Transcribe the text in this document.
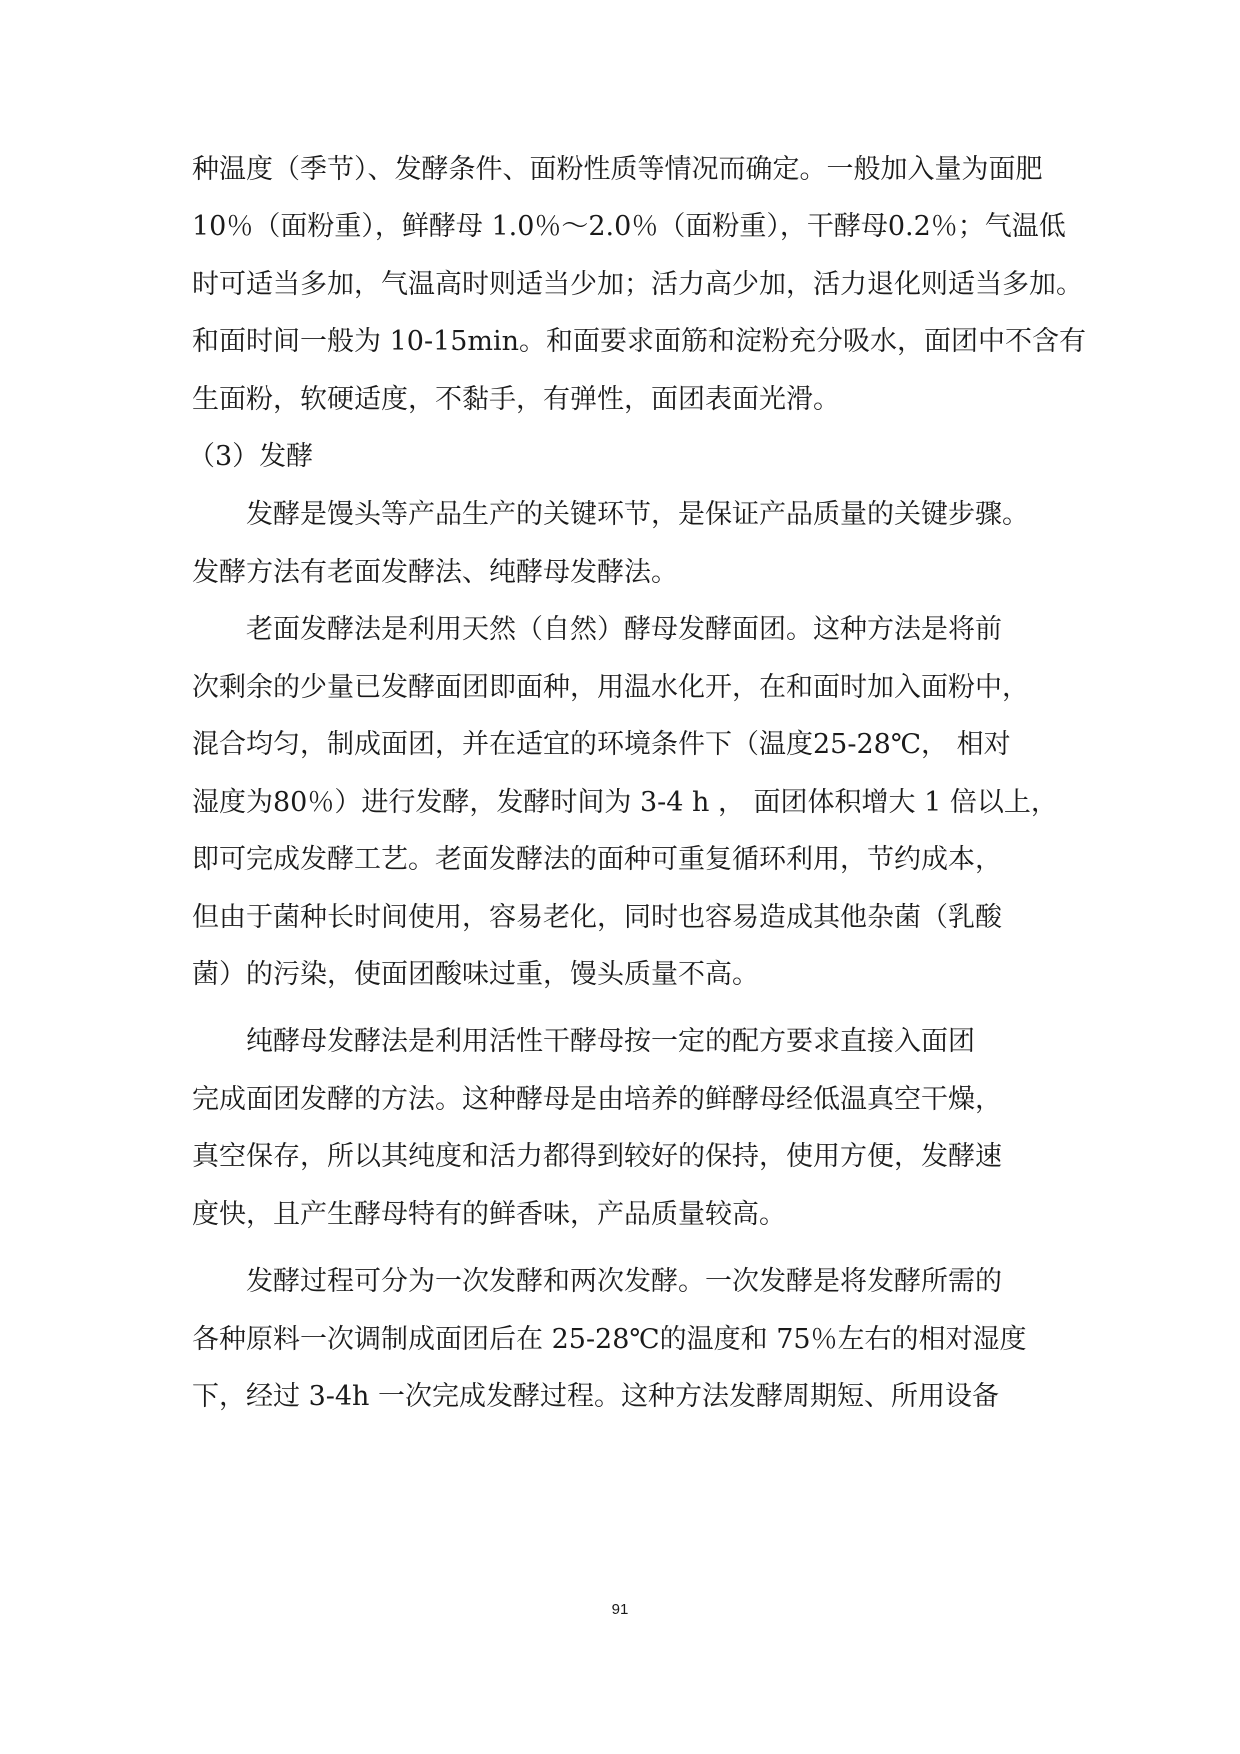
种温度（季节）、发酵条件、面粉性质等情况而确定。一般加入量为面肥
10％（面粉重），鲜酵母 1.0％～2.0％（面粉重），干酵母0.2％；气温低
时可适当多加，气温高时则适当少加；活力高少加，活力退化则适当多加。
和面时间一般为 10-15min。和面要求面筋和淀粉充分吸水，面团中不含有
生面粉，软硬适度，不黏手，有弹性，面团表面光滑。
（3）发酵
发酵是馒头等产品生产的关键环节，是保证产品质量的关键步骤。
发酵方法有老面发酵法、纯酵母发酵法。
老面发酵法是利用天然（自然）酵母发酵面团。这种方法是将前
次剩余的少量已发酵面团即面种，用温水化开，在和面时加入面粉中，
混合均匀，制成面团，并在适宜的环境条件下（温度25-28℃， 相对
湿度为80％）进行发酵，发酵时间为 3-4 h ， 面团体积增大 1 倍以上，
即可完成发酵工艺。老面发酵法的面种可重复循环利用，节约成本，
但由于菌种长时间使用，容易老化，同时也容易造成其他杂菌（乳酸
菌）的污染，使面团酸味过重，馒头质量不高。
纯酵母发酵法是利用活性干酵母按一定的配方要求直接入面团
完成面团发酵的方法。这种酵母是由培养的鲜酵母经低温真空干燥，
真空保存，所以其纯度和活力都得到较好的保持，使用方便，发酵速
度快，且产生酵母特有的鲜香味，产品质量较高。
发酵过程可分为一次发酵和两次发酵。一次发酵是将发酵所需的
各种原料一次调制成面团后在 25-28℃的温度和 75％左右的相对湿度
下，经过 3-4h 一次完成发酵过程。这种方法发酵周期短、所用设备
91
